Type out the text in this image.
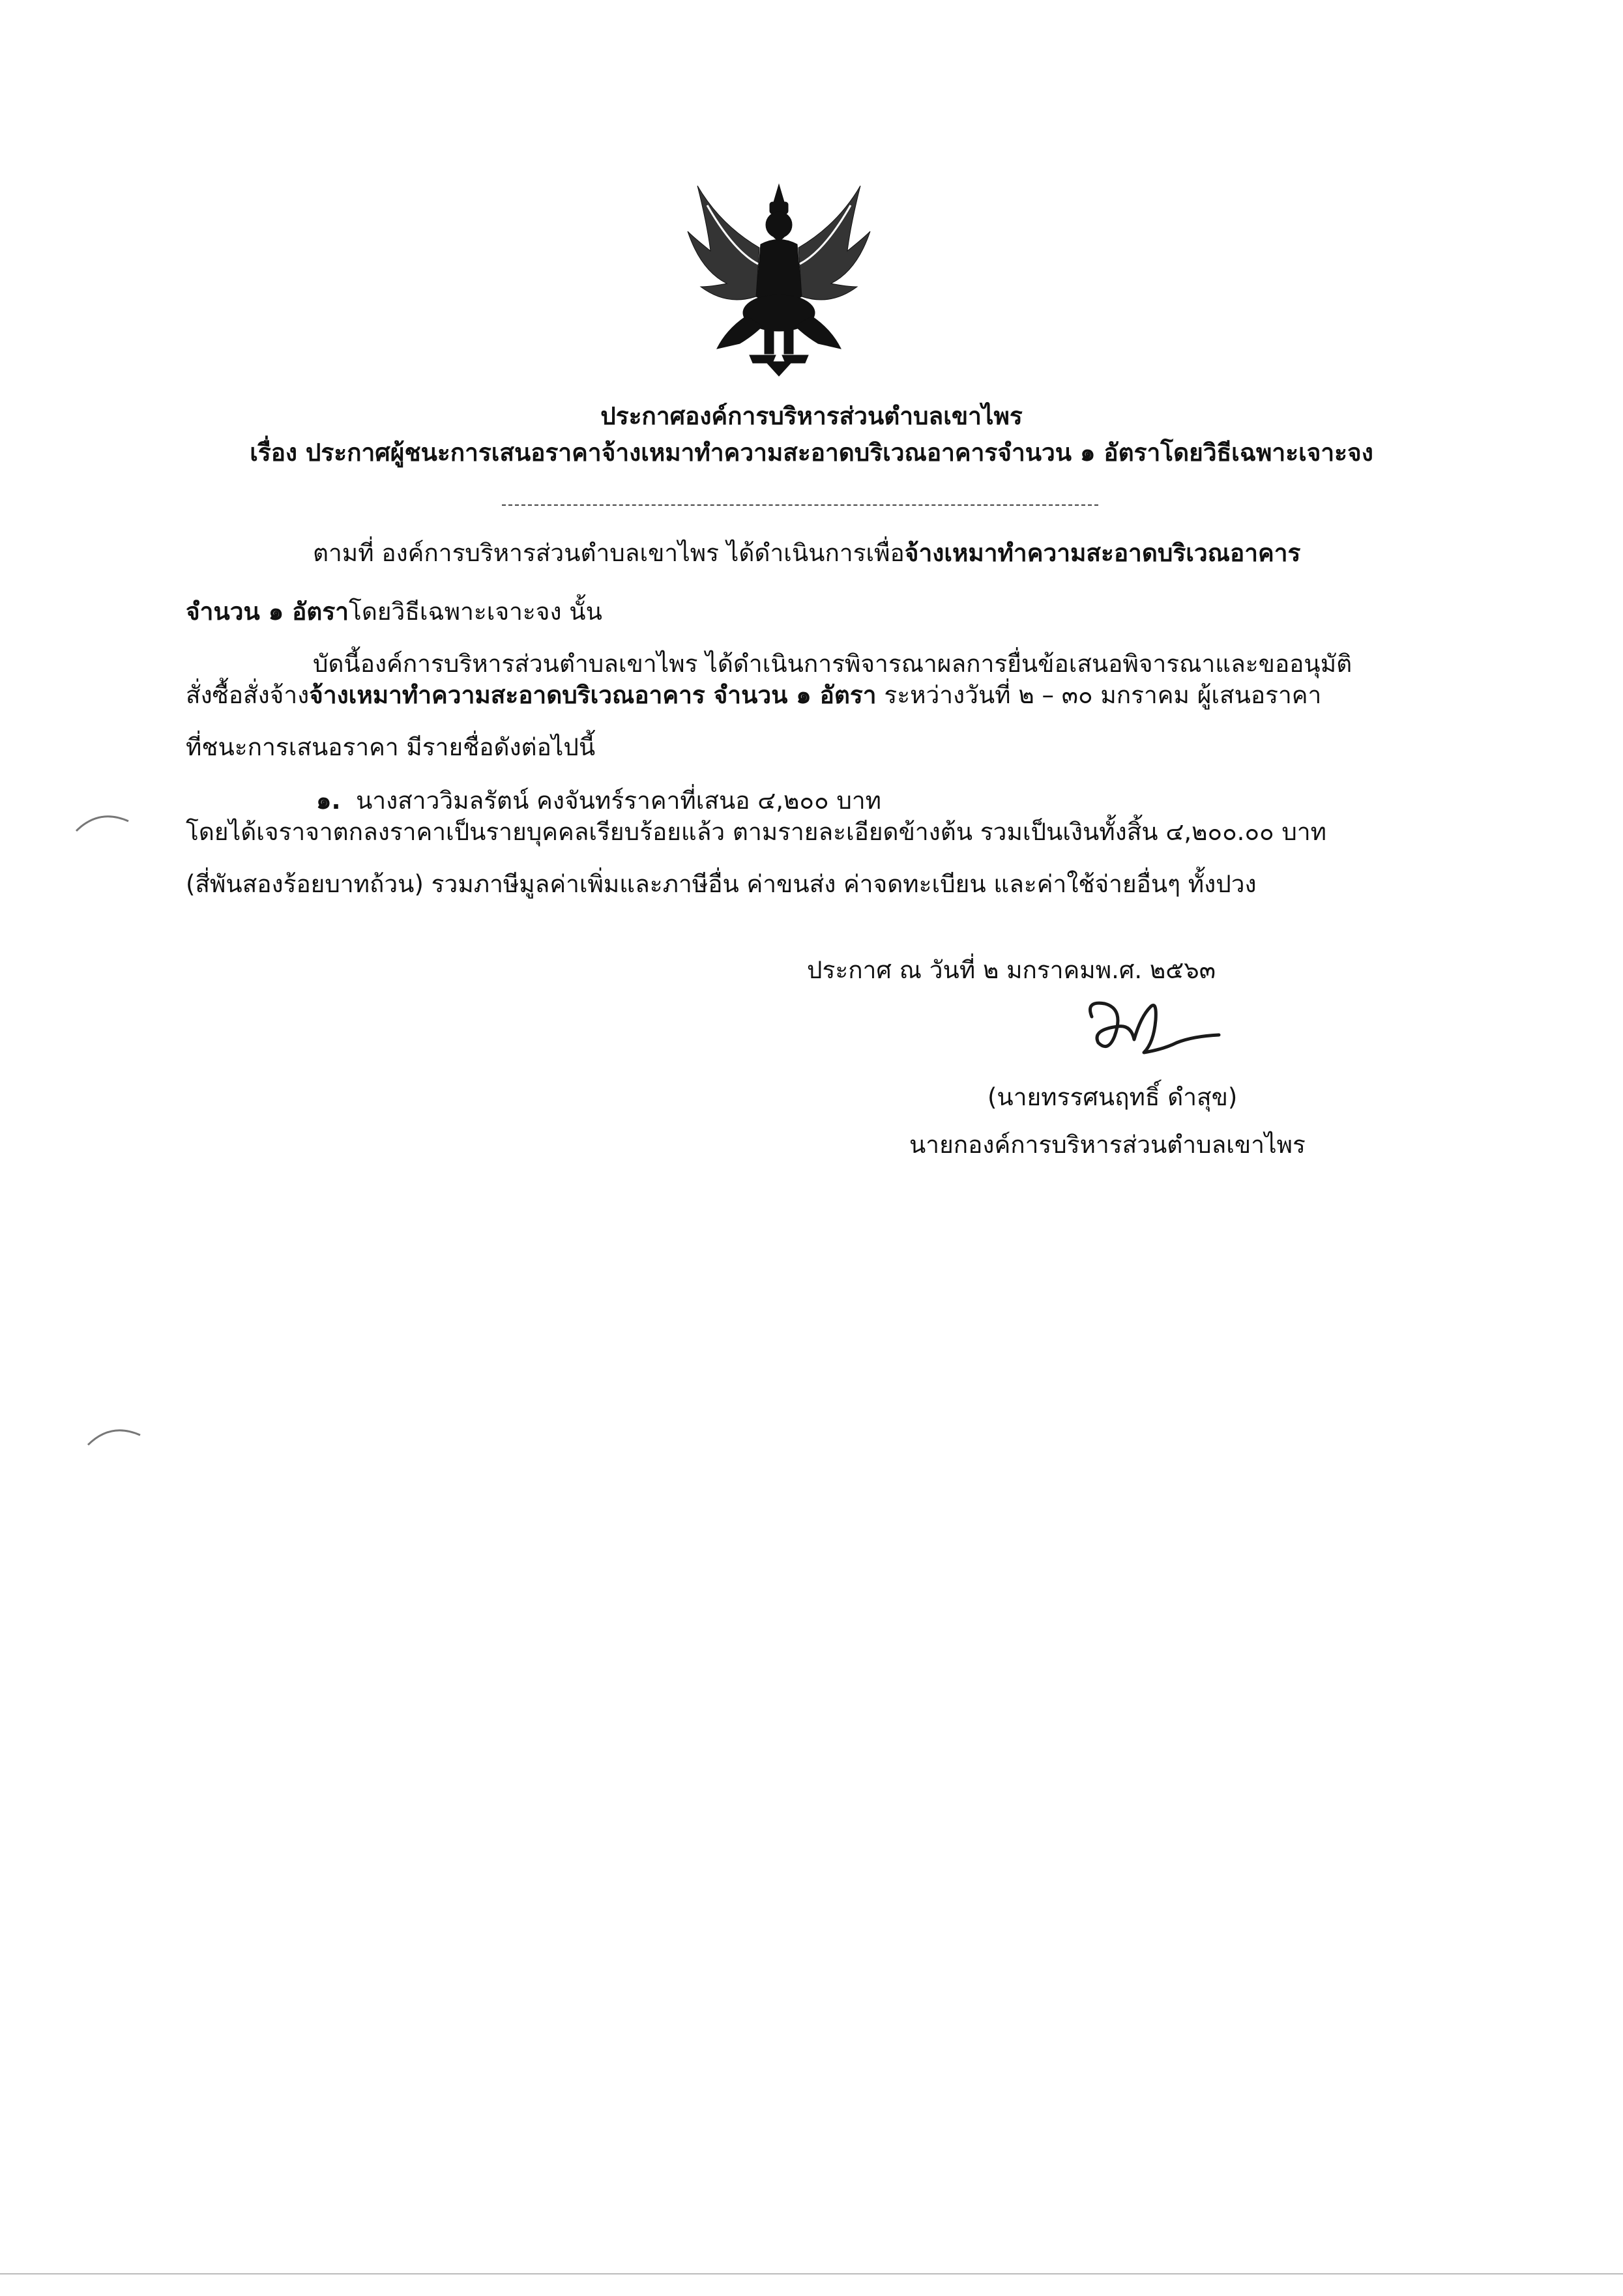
ประกาศองค์การบริหารส่วนตำบลเขาไพร
เรื่อง ประกาศผู้ชนะการเสนอราคาจ้างเหมาทำความสะอาดบริเวณอาคารจำนวน ๑ อัตราโดยวิธีเฉพาะเจาะจง
ตามที่ องค์การบริหารส่วนตำบลเขาไพร ได้ดำเนินการเพื่อจ้างเหมาทำความสะอาดบริเวณอาคาร
จำนวน ๑ อัตราโดยวิธีเฉพาะเจาะจง นั้น
บัดนี้องค์การบริหารส่วนตำบลเขาไพร ได้ดำเนินการพิจารณาผลการยื่นข้อเสนอพิจารณาและขออนุมัติ
สั่งซื้อสั่งจ้างจ้างเหมาทำความสะอาดบริเวณอาคาร จำนวน ๑ อัตรา ระหว่างวันที่ ๒ – ๓๐ มกราคม ผู้เสนอราคา
ที่ชนะการเสนอราคา มีรายชื่อดังต่อไปนี้
๑. นางสาววิมลรัตน์ คงจันทร์ราคาที่เสนอ ๔,๒๐๐ บาท
โดยได้เจราจาตกลงราคาเป็นรายบุคคลเรียบร้อยแล้ว ตามรายละเอียดข้างต้น รวมเป็นเงินทั้งสิ้น ๔,๒๐๐.๐๐ บาท
(สี่พันสองร้อยบาทถ้วน) รวมภาษีมูลค่าเพิ่มและภาษีอื่น ค่าขนส่ง ค่าจดทะเบียน และค่าใช้จ่ายอื่นๆ ทั้งปวง
ประกาศ ณ วันที่ ๒ มกราคมพ.ศ. ๒๕๖๓
(นายทรรศนฤทธิ์ ดำสุข)
นายกองค์การบริหารส่วนตำบลเขาไพร
